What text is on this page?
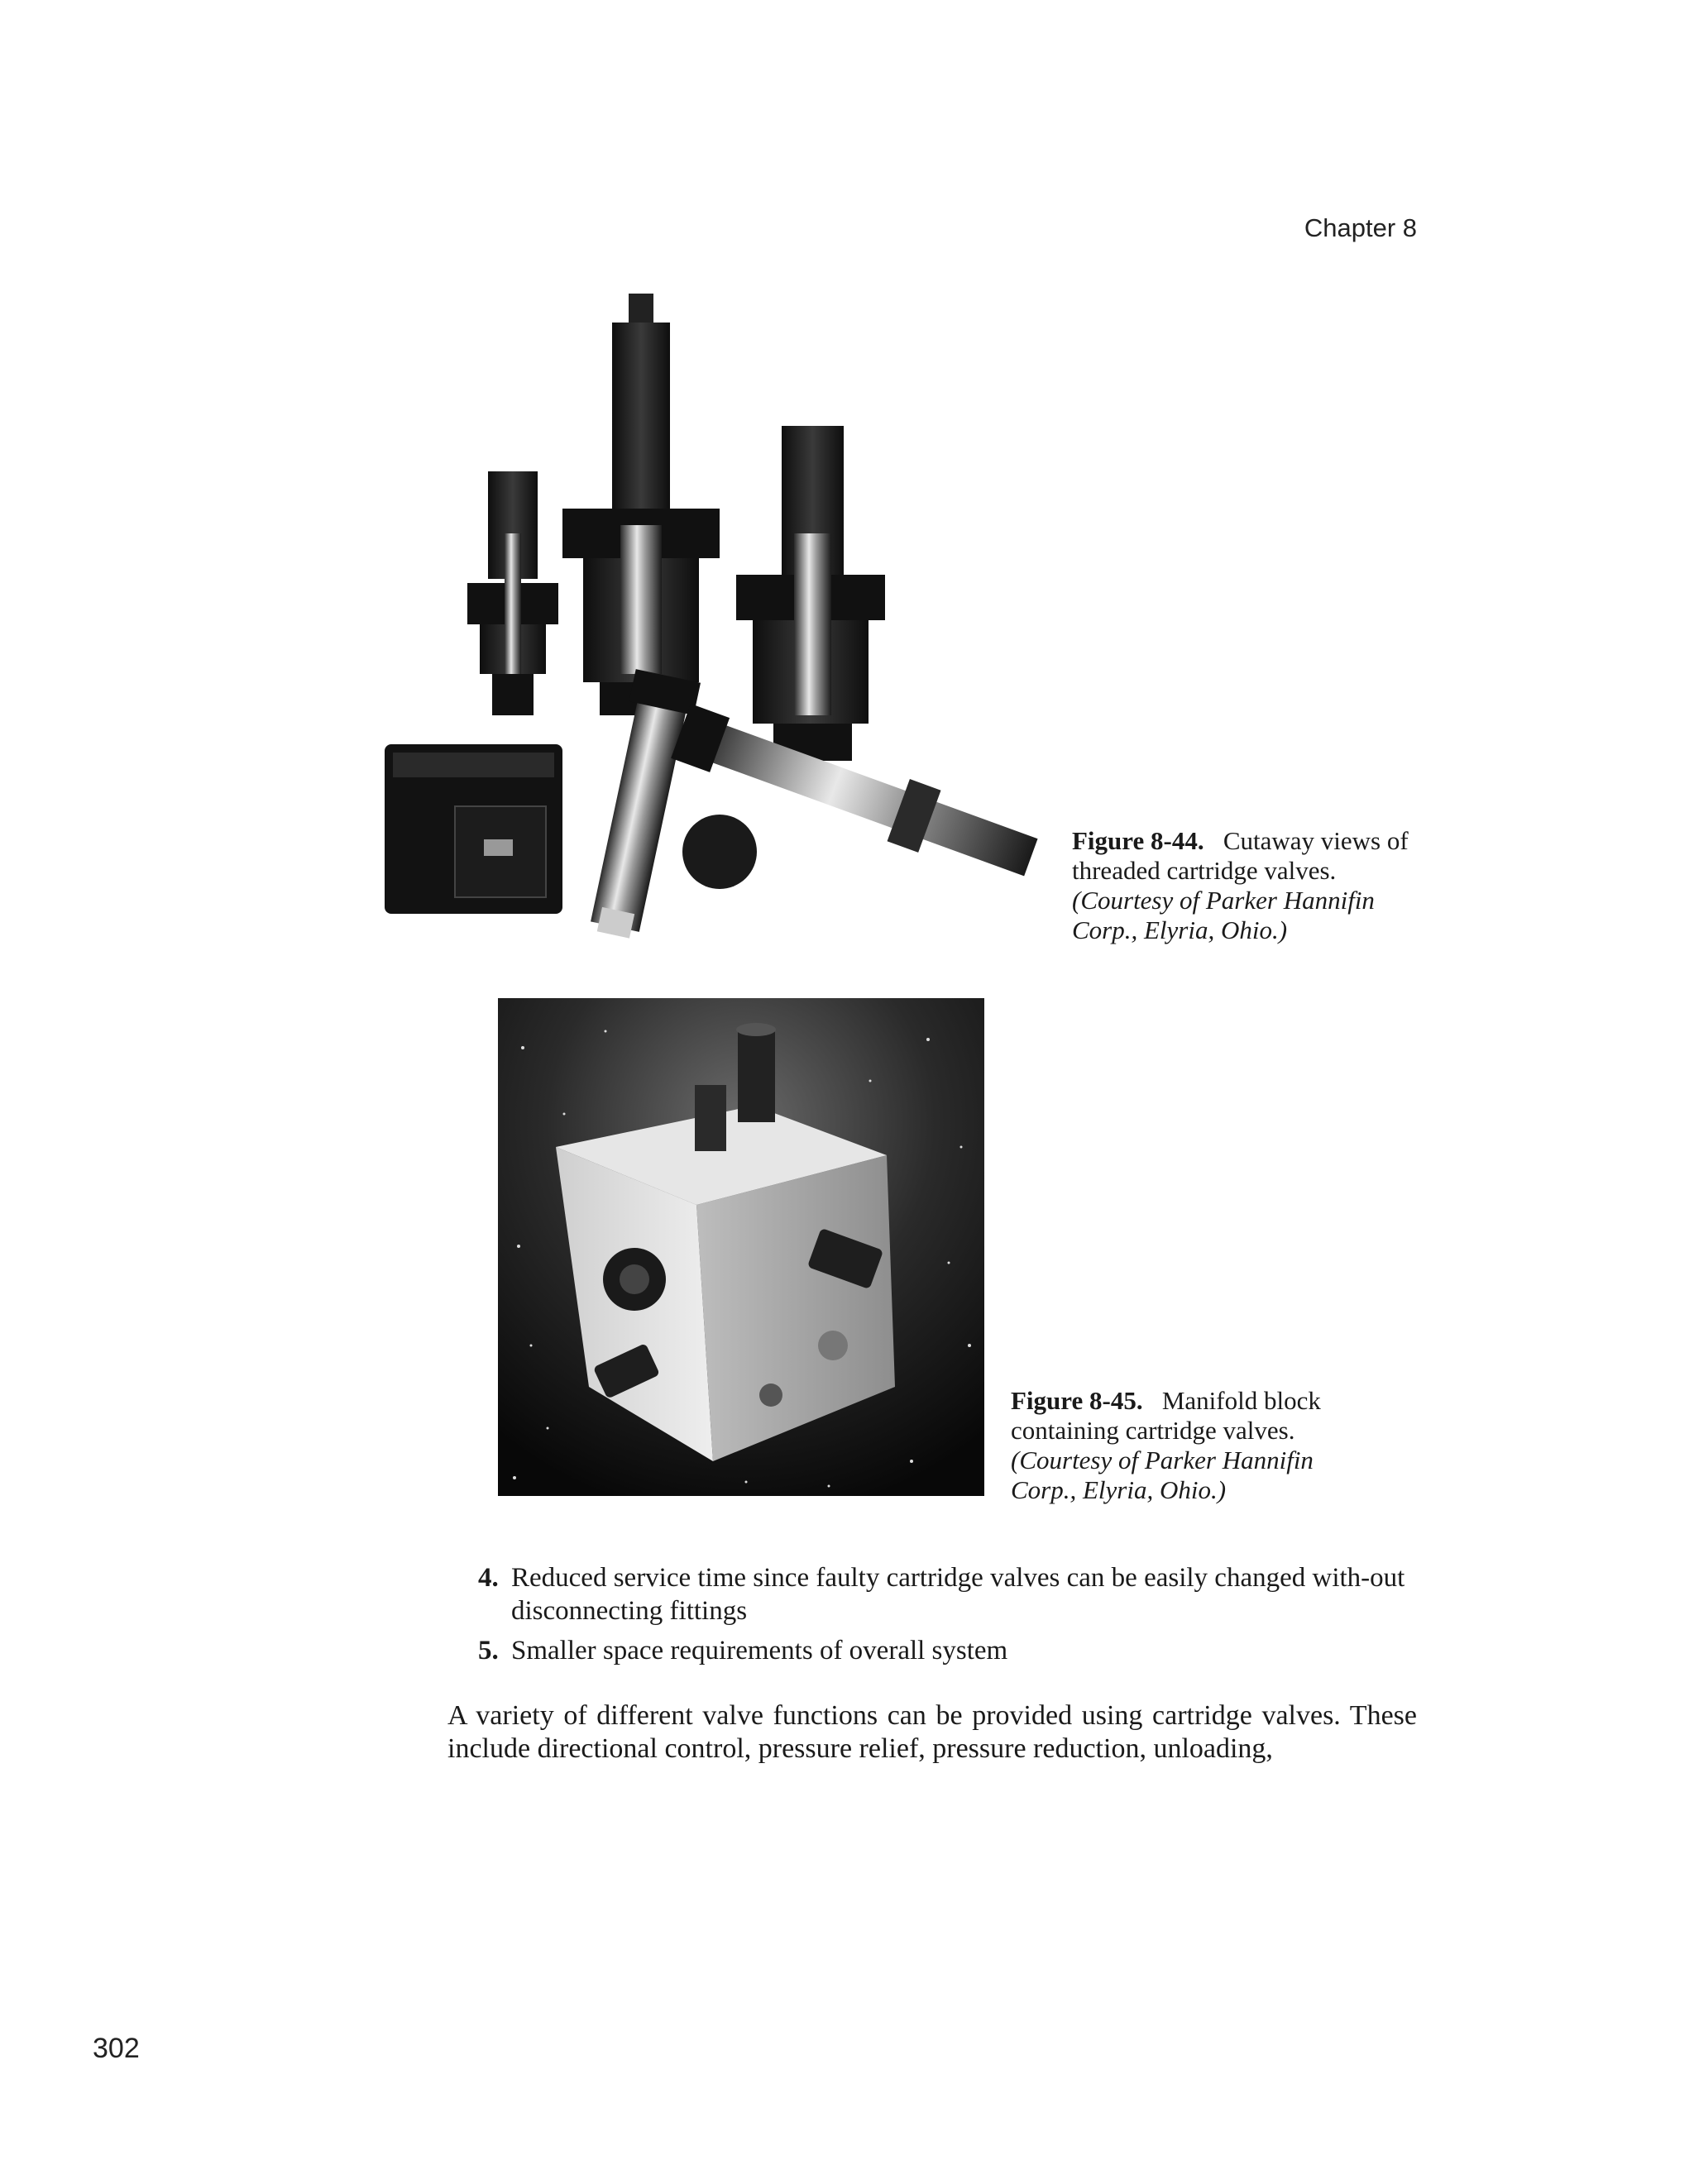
Chapter 8
Figure 8-44. Cutaway views of threaded cartridge valves.
(Courtesy of Parker Hannifin Corp., Elyria, Ohio.)
Figure 8-45. Manifold block containing cartridge valves.
(Courtesy of Parker Hannifin Corp., Elyria, Ohio.)
4. Reduced service time since faulty cartridge valves can be easily changed with-out disconnecting fittings
5. Smaller space requirements of overall system
A variety of different valve functions can be provided using cartridge valves. These include directional control, pressure relief, pressure reduction, unloading,
302
